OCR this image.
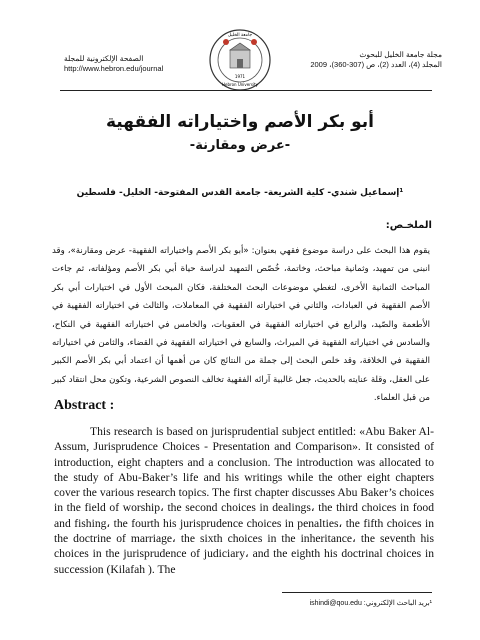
الصفحة الإلكترونية للمجلة
http://www.hebron.edu/journal
1971
جامعة الخليل
Hebron University
مجلة جامعة الخليل للبحوث
المجلد (4)، العدد (2)، ص (307-360)، 2009
أبو بكر الأصم واختياراته الفقهية
-عرض ومقارنة-
¹إسماعيل شندي- كلية الشريعة- جامعة القدس المفتوحة- الخليل- فلسطين
الملخـص:
يقوم هذا البحث على دراسة موضوع فقهي بعنوان: «أبو بكر الأصم واختياراته الفقهية- عرض ومقارنة»، وقد انبنى من تمهيد، وثمانية مباحث، وخاتمة، خُصّص التمهيد لدراسة حياة أبي بكر الأصم ومؤلفاته، ثم جاءت المباحث الثمانية الأخرى، لتغطي موضوعات البحث المختلفة، فكان المبحث الأول في اختيارات أبي بكر الأصم الفقهية في العبادات، والثاني في اختياراته الفقهية في المعاملات، والثالث في اختياراته الفقهية في الأطعمة والصّيد، والرابع في اختياراته الفقهية في العقوبات، والخامس في اختياراته الفقهية في النكاح، والسادس في اختياراته الفقهية في الميراث، والسابع في اختياراته الفقهية في القضاء، والثامن في اختياراته الفقهية في الخلافة، وقد خلص البحث إلى جملة من النتائج كان من أهمها أن اعتماد أبي بكر الأصم الكبير على العقل، وقلة عنايته بالحديث، جعل غالبية آرائه الفقهية تخالف النصوص الشرعية، وتكون محل انتقاد كبير من قبل العلماء.
Abstract :
This research is based on jurisprudential subject entitled: «Abu Baker Al-Assum, Jurisprudence Choices - Presentation and Comparison». It consisted of introduction, eight chapters and a conclusion. The introduction was allocated to the study of Abu-Baker’s life and his writings while the other eight chapters cover the various research topics. The first chapter discusses Abu Baker’s choices in the field of worship، the second choices in dealings، the third choices in food and fishing، the fourth his jurisprudence choices in penalties، the fifth choices in the doctrine of marriage، the sixth choices in the inheritance، the seventh his choices in the jurisprudence of judiciary، and the eighth his doctrinal choices in succession (Kilafah ). The
¹بريد الباحث الإلكتروني: ishindi@qou.edu
